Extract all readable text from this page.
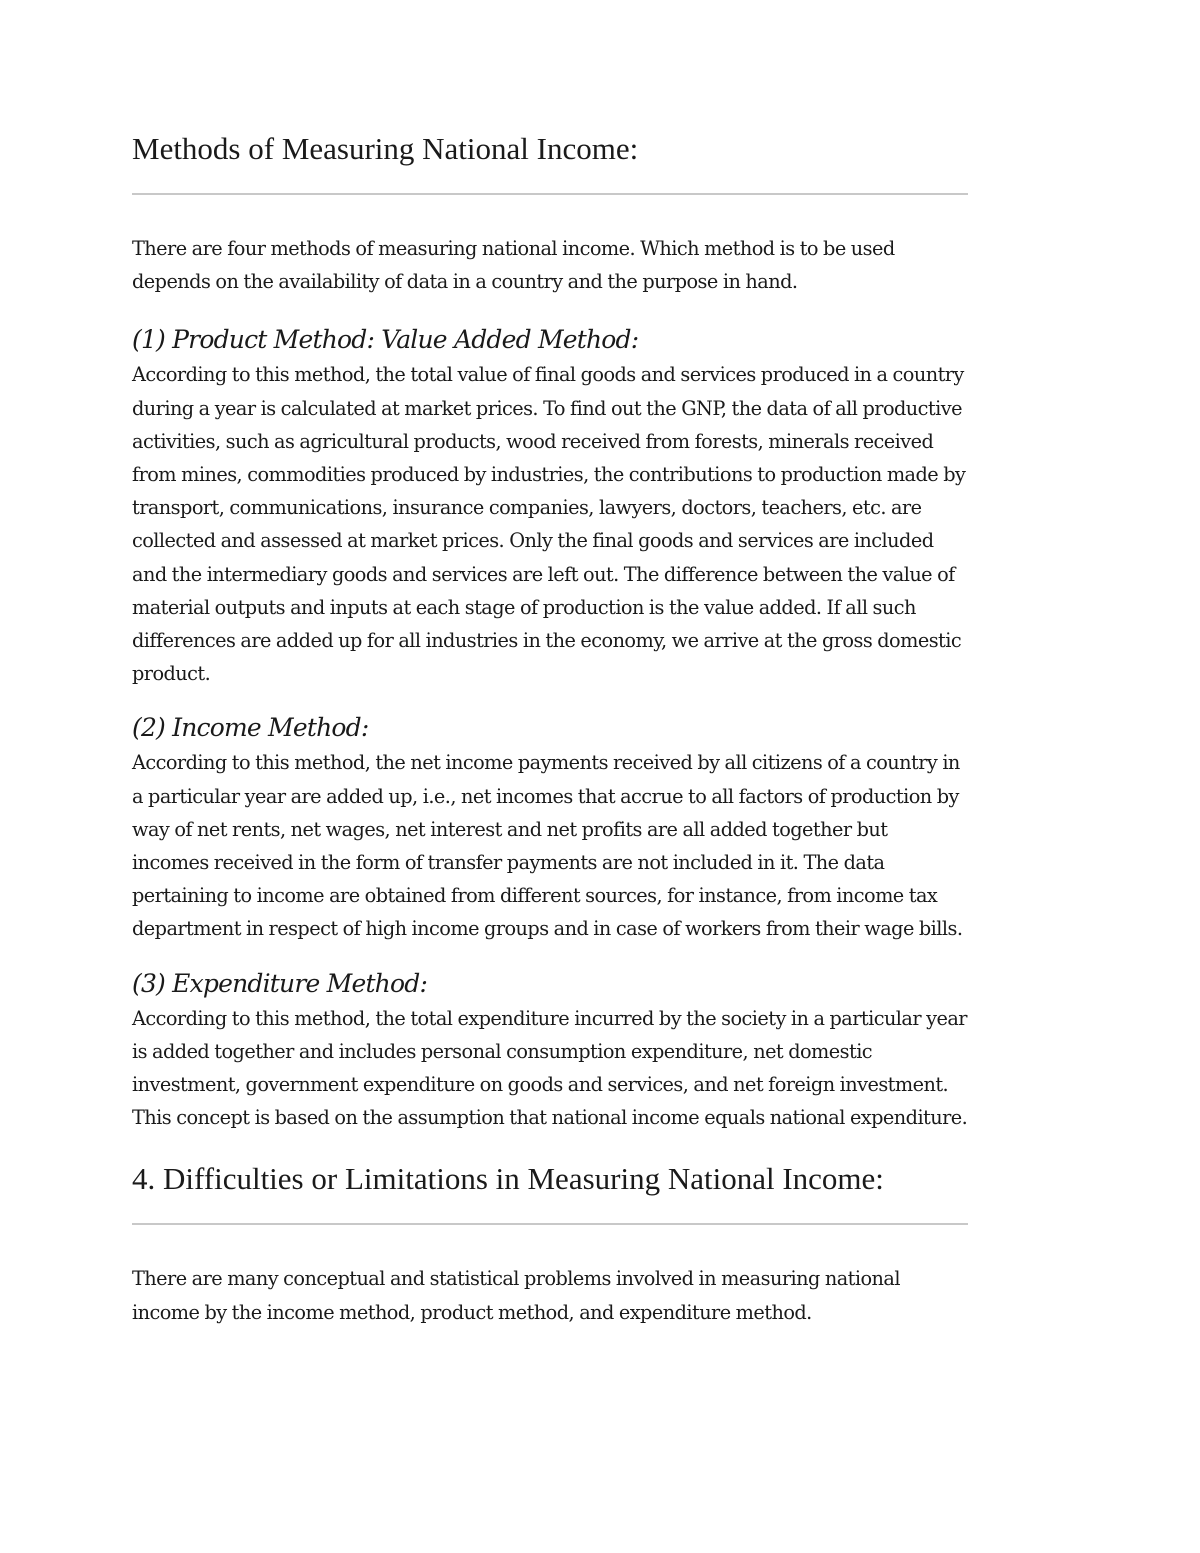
Methods of Measuring National Income:

There are four methods of measuring national income. Which method is to be used depends on the availability of data in a country and the purpose in hand.

(1) Product Method: Value Added Method:

According to this method, the total value of final goods and services produced in a country during a year is calculated at market prices. To find out the GNP, the data of all productive activities, such as agricultural products, wood received from forests, minerals received from mines, commodities produced by industries, the contributions to production made by transport, communications, insurance companies, lawyers, doctors, teachers, etc. are collected and assessed at market prices. Only the final goods and services are included and the intermediary goods and services are left out. The difference between the value of material outputs and inputs at each stage of production is the value added. If all such differences are added up for all industries in the economy, we arrive at the gross domestic product.

(2) Income Method:

According to this method, the net income payments received by all citizens of a country in a particular year are added up, i.e., net incomes that accrue to all factors of production by way of net rents, net wages, net interest and net profits are all added together but incomes received in the form of transfer payments are not included in it. The data pertaining to income are obtained from different sources, for instance, from income tax department in respect of high income groups and in case of workers from their wage bills.

(3) Expenditure Method:

According to this method, the total expenditure incurred by the society in a particular year is added together and includes personal consumption expenditure, net domestic investment, government expenditure on goods and services, and net foreign investment. This concept is based on the assumption that national income equals national expenditure.

4. Difficulties or Limitations in Measuring National Income:

There are many conceptual and statistical problems involved in measuring national income by the income method, product method, and expenditure method.
